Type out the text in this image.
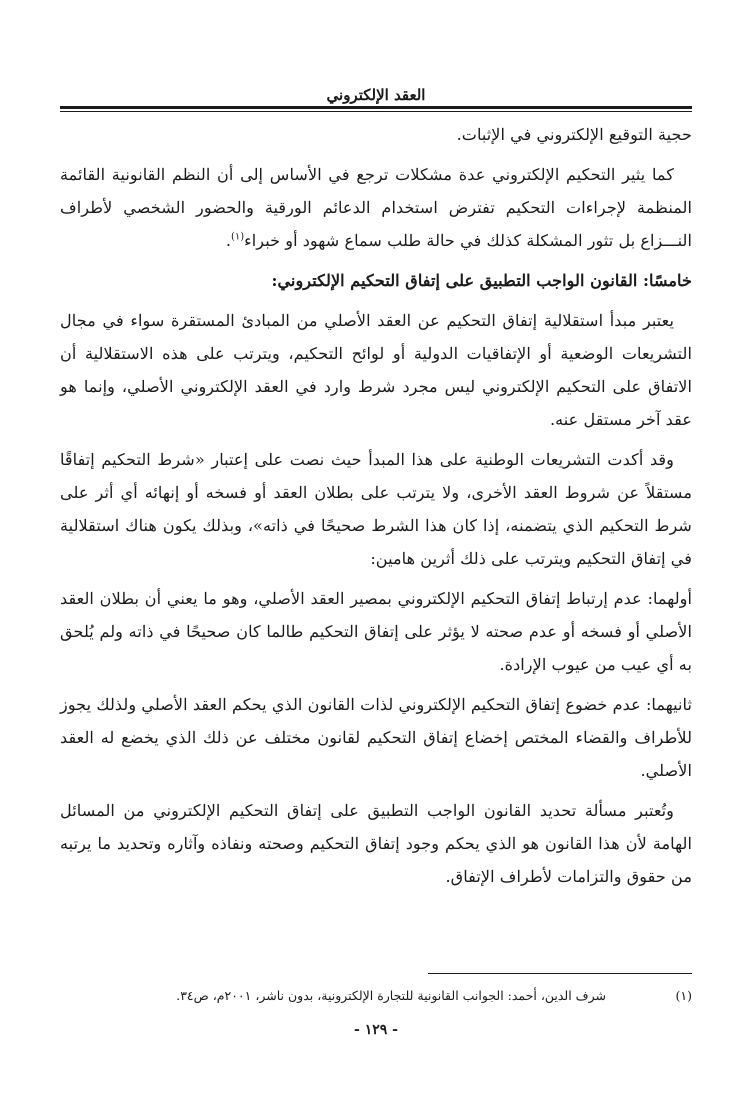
العقد الإلكتروني

حجية التوقيع الإلكتروني في الإثبات.

كما يثير التحكيم الإلكتروني عدة مشكلات ترجع في الأساس إلى أن النظم القانونية القائمة المنظمة لإجراءات التحكيم تفترض استخدام الدعائم الورقية والحضور الشخصي لأطراف النـــزاع بل تثور المشكلة كذلك في حالة طلب سماع شهود أو خبراء$^{(١)}$.

خامسًا: القانون الواجب التطبيق على إتفاق التحكيم الإلكتروني:

يعتبر مبدأ استقلالية إتفاق التحكيم عن العقد الأصلي من المبادئ المستقرة سواء في مجال التشريعات الوضعية أو الإتفاقيات الدولية أو لوائح التحكيم، ويترتب على هذه الاستقلالية أن الاتفاق على التحكيم الإلكتروني ليس مجرد شرط وارد في العقد الإلكتروني الأصلي، وإنما هو عقد آخر مستقل عنه.

وقد أكدت التشريعات الوطنية على هذا المبدأ حيث نصت على إعتبار «شرط التحكيم إتفاقًا مستقلاً عن شروط العقد الأخرى، ولا يترتب على بطلان العقد أو فسخه أو إنهائه أي أثر على شرط التحكيم الذي يتضمنه، إذا كان هذا الشرط صحيحًا في ذاته»، وبذلك يكون هناك استقلالية في إتفاق التحكيم ويترتب على ذلك أثرين هامين:

أولهما: عدم إرتباط إتفاق التحكيم الإلكتروني بمصير العقد الأصلي، وهو ما يعني أن بطلان العقد الأصلي أو فسخه أو عدم صحته لا يؤثر على إتفاق التحكيم طالما كان صحيحًا في ذاته ولم يُلحق به أي عيب من عيوب الإرادة.

ثانيهما: عدم خضوع إتفاق التحكيم الإلكتروني لذات القانون الذي يحكم العقد الأصلي ولذلك يجوز للأطراف والقضاء المختص إخضاع إتفاق التحكيم لقانون مختلف عن ذلك الذي يخضع له العقد الأصلي.

وتُعتبر مسألة تحديد القانون الواجب التطبيق على إتفاق التحكيم الإلكتروني من المسائل الهامة لأن هذا القانون هو الذي يحكم وجود إتفاق التحكيم وصحته ونفاذه وآثاره وتحديد ما يرتبه من حقوق والتزامات لأطراف الإتفاق.

(١)
شرف الدين، أحمد: الجوانب القانونية للتجارة الإلكترونية، بدون ناشر، ٢٠٠١م، ص٣٤.
- ١٢٩ -
